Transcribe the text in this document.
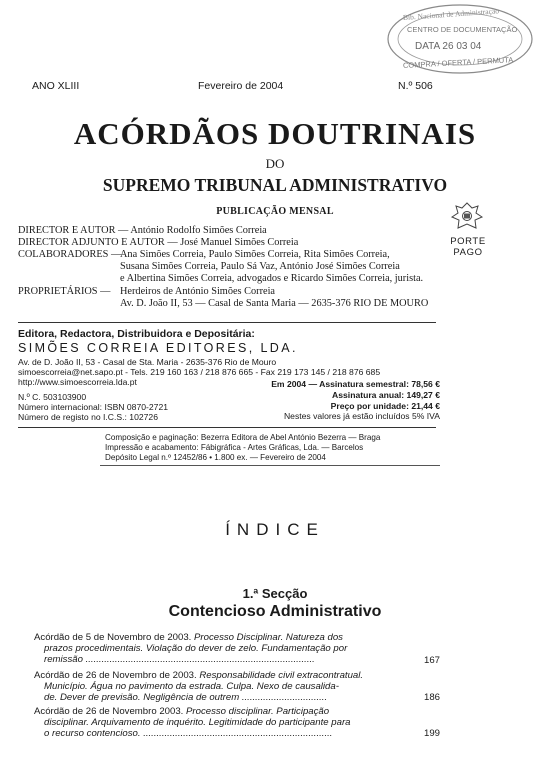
Bib. Nacional de Administração
CENTRO DE DOCUMENTAÇÃO
DATA 26 03 04
COMPRA / OFERTA / PERMUTA
ANO XLIII	Fevereiro de 2004	N.º 506
ACÓRDÃOS DOUTRINAIS
DO
SUPREMO TRIBUNAL ADMINISTRATIVO
PUBLICAÇÃO MENSAL
DIRECTOR E AUTOR — António Rodolfo Simões Correia
DIRECTOR ADJUNTO E AUTOR — José Manuel Simões Correia
COLABORADORES —
Ana Simões Correia, Paulo Simões Correia, Rita Simões Correia,
Susana Simões Correia, Paulo Sá Vaz, António José Simões Correia
e Albertina Simões Correia, advogados e Ricardo Simões Correia, jurista.
PROPRIETÁRIOS — Herdeiros de António Simões Correia
Av. D. João II, 53 — Casal de Santa Maria — 2635-376 RIO DE MOURO
PORTE
PAGO
Editora, Redactora, Distribuidora e Depositária:
SIMÕES CORREIA EDITORES, LDA.
Av. de D. João II, 53 - Casal de Sta. Maria - 2635-376 Rio de Mouro
simoescorreia@net.sapo.pt - Tels. 219 160 163 / 218 876 665 - Fax 219 173 145 / 218 876 685
http://www.simoescorreia.lda.pt	Em 2004 — Assinatura semestral: 78,56 €
Assinatura anual: 149,27 €
Preço por unidade: 21,44 €
Nestes valores já estão incluídos 5% IVA
N.º C. 503103900
Número internacional: ISBN 0870-2721
Número de registo no I.C.S.: 102726
Composição e paginação: Bezerra Editora de Abel António Bezerra — Braga
Impressão e acabamento: Fábigráfica - Artes Gráficas, Lda. — Barcelos
Depósito Legal n.º 12452/86 • 1.800 ex. — Fevereiro de 2004
ÍNDICE
1.ª Secção
Contencioso Administrativo
Acórdão de 5 de Novembro de 2003. Processo Disciplinar. Natureza dos
prazos procedimentais. Violação do dever de zelo. Fundamentação por
remissão ......................................................................................	167
Acórdão de 26 de Novembro de 2003. Responsabilidade civil extracontratual.
Município. Água no pavimento da estrada. Culpa. Nexo de causalida-
de. Dever de previsão. Negligência de outrem ................................	186
Acórdão de 26 de Novembro 2003. Processo disciplinar. Participação
disciplinar. Arquivamento de inquérito. Legitimidade do participante para
o recurso contencioso. .......................................................................	199
